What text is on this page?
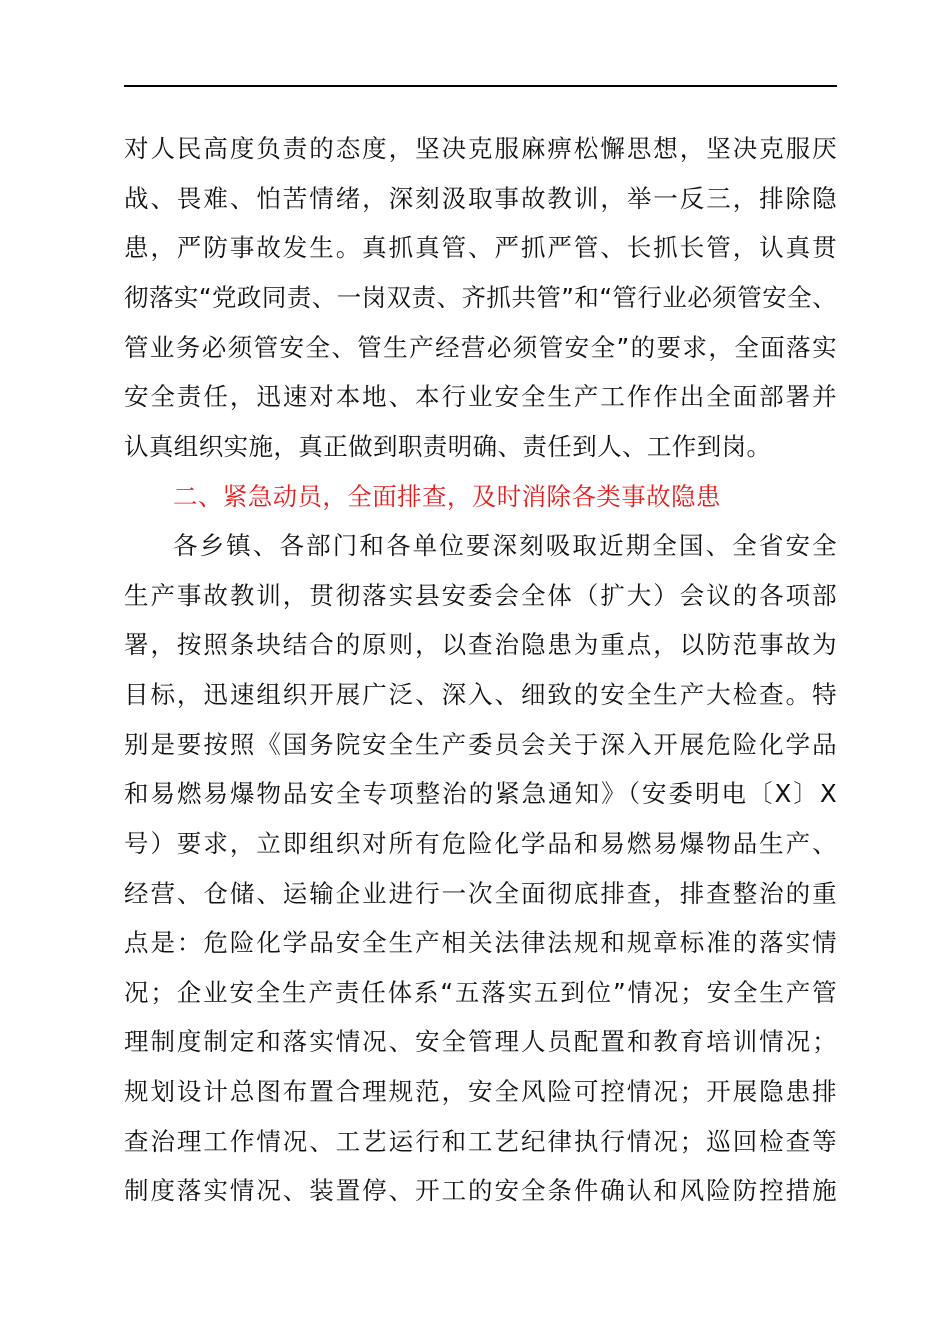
对人民高度负责的态度，坚决克服麻痹松懈思想，坚决克服厌
战、畏难、怕苦情绪，深刻汲取事故教训，举一反三，排除隐
患，严防事故发生。真抓真管、严抓严管、长抓长管，认真贯
彻落实“党政同责、一岗双责、齐抓共管”和“管行业必须管安全、
管业务必须管安全、管生产经营必须管安全”的要求，全面落实
安全责任，迅速对本地、本行业安全生产工作作出全面部署并
认真组织实施，真正做到职责明确、责任到人、工作到岗。
二、紧急动员，全面排查，及时消除各类事故隐患
各乡镇、各部门和各单位要深刻吸取近期全国、全省安全
生产事故教训，贯彻落实县安委会全体（扩大）会议的各项部
署，按照条块结合的原则，以查治隐患为重点，以防范事故为
目标，迅速组织开展广泛、深入、细致的安全生产大检查。特
别是要按照《国务院安全生产委员会关于深入开展危险化学品
和易燃易爆物品安全专项整治的紧急通知》（安委明电〔X〕X
号）要求，立即组织对所有危险化学品和易燃易爆物品生产、
经营、仓储、运输企业进行一次全面彻底排查，排查整治的重
点是：危险化学品安全生产相关法律法规和规章标准的落实情
况；企业安全生产责任体系“五落实五到位”情况；安全生产管
理制度制定和落实情况、安全管理人员配置和教育培训情况；
规划设计总图布置合理规范，安全风险可控情况；开展隐患排
查治理工作情况、工艺运行和工艺纪律执行情况；巡回检查等
制度落实情况、装置停、开工的安全条件确认和风险防控措施
